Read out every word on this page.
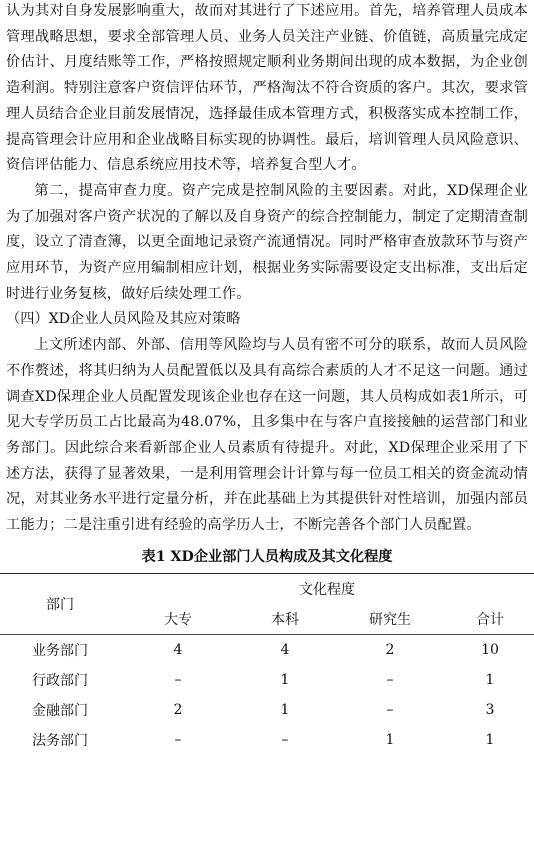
认为其对自身发展影响重大，故而对其进行了下述应用。首先，培养管理人员成本管理战略思想，要求全部管理人员、业务人员关注产业链、价值链，高质量完成定价估计、月度结账等工作，严格按照规定顺利业务期间出现的成本数据，为企业创造利润。特别注意客户资信评估环节，严格淘汰不符合资质的客户。其次，要求管理人员结合企业目前发展情况，选择最佳成本管理方式，积极落实成本控制工作，提高管理会计应用和企业战略目标实现的协调性。最后，培训管理人员风险意识、资信评估能力、信息系统应用技术等，培养复合型人才。

第二，提高审查力度。资产完成是控制风险的主要因素。对此，XD保理企业为了加强对客户资产状况的了解以及自身资产的综合控制能力，制定了定期清查制度，设立了清查簿，以更全面地记录资产流通情况。同时严格审查放款环节与资产应用环节，为资产应用编制相应计划，根据业务实际需要设定支出标准，支出后定时进行业务复核，做好后续处理工作。

（四）XD企业人员风险及其应对策略

上文所述内部、外部、信用等风险均与人员有密不可分的联系，故而人员风险不作赘述，将其归纳为人员配置低以及具有高综合素质的人才不足这一问题。通过调查XD保理企业人员配置发现该企业也存在这一问题，其人员构成如表1所示，可见大专学历员工占比最高为48.07%，且多集中在与客户直接接触的运营部门和业务部门。因此综合来看新部企业人员素质有待提升。对此，XD保理企业采用了下述方法，获得了显著效果，一是利用管理会计计算与每一位员工相关的资金流动情况，对其业务水平进行定量分析，并在此基础上为其提供针对性培训，加强内部员工能力；二是注重引进有经验的高学历人士，不断完善各个部门人员配置。

表1 XD企业部门人员构成及其文化程度
部门	文化程度			
	大专	本科	研究生	合计
业务部门	4	4	2	10
行政部门	–	1	–	1
金融部门	2	1	–	3
法务部门	–	–	1	1
